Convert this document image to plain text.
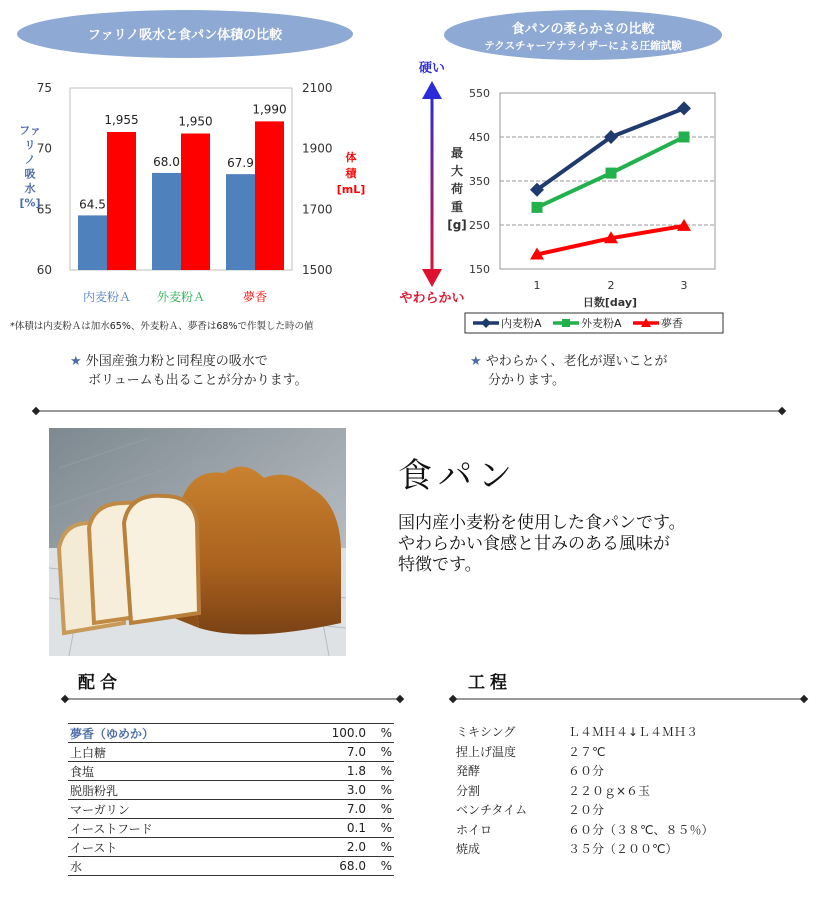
ファリノ吸水と食パン体積の比較	食パンの柔らかさの比較
テクスチャーアナライザーによる圧縮試験
75
70
65
60
2100
1900
1700
1500
ファ
リ
ノ
吸
水
[%]
体
積
[mL]
64.5
1,955
内麦粉Ａ
68.0
1,950
外麦粉Ａ
67.9
1,990
夢香
*体積は内麦粉Ａは加水65%、外麦粉Ａ、夢香は68%で作製した時の値
硬い
やわらかい
550
450
350
250
150
最
大
荷
重
[g]
1	2	3
日数[day]
内麦粉A	外麦粉A	夢香
★ 外国産強力粉と同程度の吸水で
ボリュームも出ることが分かります。
★ やわらかく、老化が遅いことが
分かります。
食パン
国内産小麦粉を使用した食パンです。
やわらかい食感と甘みのある風味が
特徴です。
配合
夢香（ゆめか）	100.0	%
上白糖	7.0	%
食塩	1.8	%
脱脂粉乳	3.0	%
マーガリン	7.0	%
イーストフード	0.1	%
イースト	2.0	%
水	68.0	%
工程
ミキシング	Ｌ４ＭＨ４↓Ｌ４ＭＨ３
捏上げ温度	２７℃
発酵	６０分
分割	２２０ｇ×６玉
ベンチタイム	２０分
ホイロ	６０分（３８℃、８５％）
焼成	３５分（２００℃）
